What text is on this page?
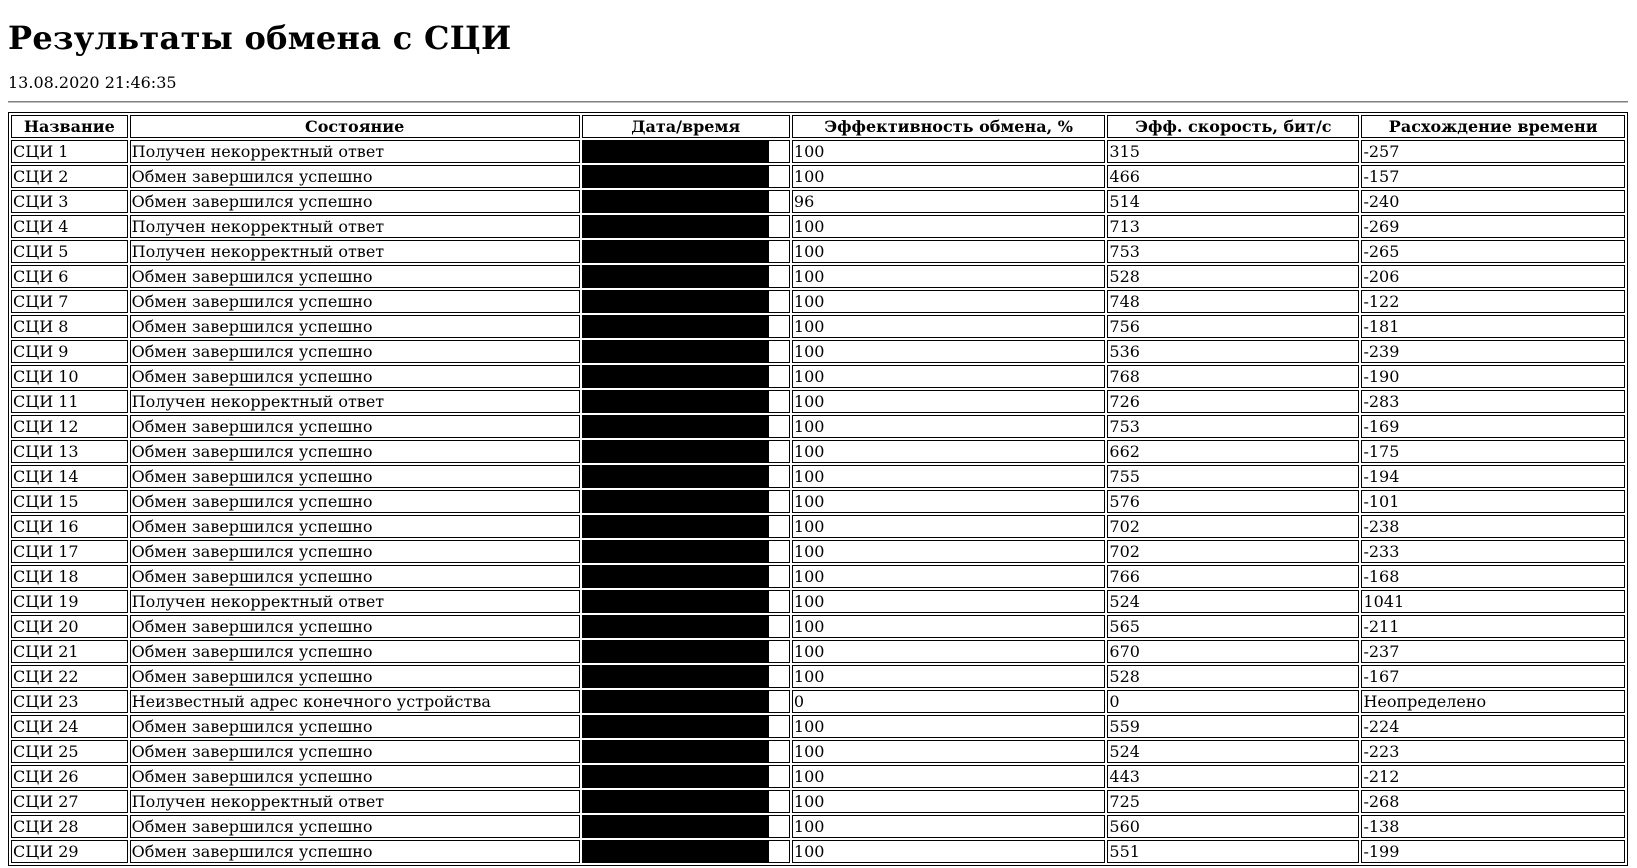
Результаты обмена с СЦИ
13.08.2020 21:46:35
Название	Состояние	Дата/время	Эффективность обмена, %	Эфф. скорость, бит/с	Расхождение времени
СЦИ 1	Получен некорректный ответ		100	315	-257
СЦИ 2	Обмен завершился успешно		100	466	-157
СЦИ 3	Обмен завершился успешно		96	514	-240
СЦИ 4	Получен некорректный ответ		100	713	-269
СЦИ 5	Получен некорректный ответ		100	753	-265
СЦИ 6	Обмен завершился успешно		100	528	-206
СЦИ 7	Обмен завершился успешно		100	748	-122
СЦИ 8	Обмен завершился успешно		100	756	-181
СЦИ 9	Обмен завершился успешно		100	536	-239
СЦИ 10	Обмен завершился успешно		100	768	-190
СЦИ 11	Получен некорректный ответ		100	726	-283
СЦИ 12	Обмен завершился успешно		100	753	-169
СЦИ 13	Обмен завершился успешно		100	662	-175
СЦИ 14	Обмен завершился успешно		100	755	-194
СЦИ 15	Обмен завершился успешно		100	576	-101
СЦИ 16	Обмен завершился успешно		100	702	-238
СЦИ 17	Обмен завершился успешно		100	702	-233
СЦИ 18	Обмен завершился успешно		100	766	-168
СЦИ 19	Получен некорректный ответ		100	524	1041
СЦИ 20	Обмен завершился успешно		100	565	-211
СЦИ 21	Обмен завершился успешно		100	670	-237
СЦИ 22	Обмен завершился успешно		100	528	-167
СЦИ 23	Неизвестный адрес конечного устройства		0	0	Неопределено
СЦИ 24	Обмен завершился успешно		100	559	-224
СЦИ 25	Обмен завершился успешно		100	524	-223
СЦИ 26	Обмен завершился успешно		100	443	-212
СЦИ 27	Получен некорректный ответ		100	725	-268
СЦИ 28	Обмен завершился успешно		100	560	-138
СЦИ 29	Обмен завершился успешно		100	551	-199
